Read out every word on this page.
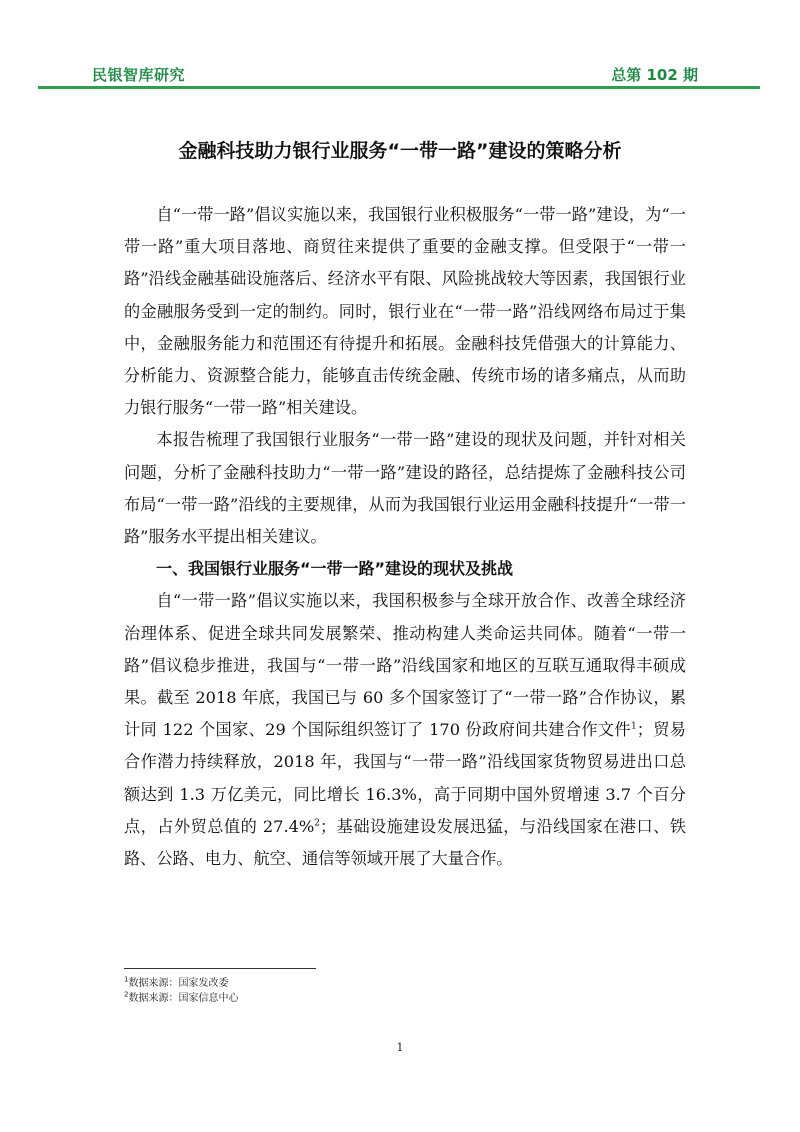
民银智库研究	总第 102 期
金融科技助力银行业服务“一带一路”建设的策略分析

自“一带一路”倡议实施以来，我国银行业积极服务“一带一路”建设，为“一带一路”重大项目落地、商贸往来提供了重要的金融支撑。但受限于“一带一路”沿线金融基础设施落后、经济水平有限、风险挑战较大等因素，我国银行业的金融服务受到一定的制约。同时，银行业在“一带一路”沿线网络布局过于集中，金融服务能力和范围还有待提升和拓展。金融科技凭借强大的计算能力、分析能力、资源整合能力，能够直击传统金融、传统市场的诸多痛点，从而助力银行服务“一带一路”相关建设。

本报告梳理了我国银行业服务“一带一路”建设的现状及问题，并针对相关问题，分析了金融科技助力“一带一路”建设的路径，总结提炼了金融科技公司布局“一带一路”沿线的主要规律，从而为我国银行业运用金融科技提升“一带一路”服务水平提出相关建议。

一、我国银行业服务“一带一路”建设的现状及挑战

自“一带一路”倡议实施以来，我国积极参与全球开放合作、改善全球经济治理体系、促进全球共同发展繁荣、推动构建人类命运共同体。随着“一带一路”倡议稳步推进，我国与“一带一路”沿线国家和地区的互联互通取得丰硕成果。截至 2018 年底，我国已与 60 多个国家签订了“一带一路”合作协议，累计同 122 个国家、29 个国际组织签订了 170 份政府间共建合作文件$^1$；贸易合作潜力持续释放，2018 年，我国与“一带一路”沿线国家货物贸易进出口总额达到 1.3 万亿美元，同比增长 16.3%，高于同期中国外贸增速 3.7 个百分点，占外贸总值的 27.4%$^2$；基础设施建设发展迅猛，与沿线国家在港口、铁路、公路、电力、航空、通信等领域开展了大量合作。

$^1$数据来源：国家发改委
$^2$数据来源：国家信息中心
1
